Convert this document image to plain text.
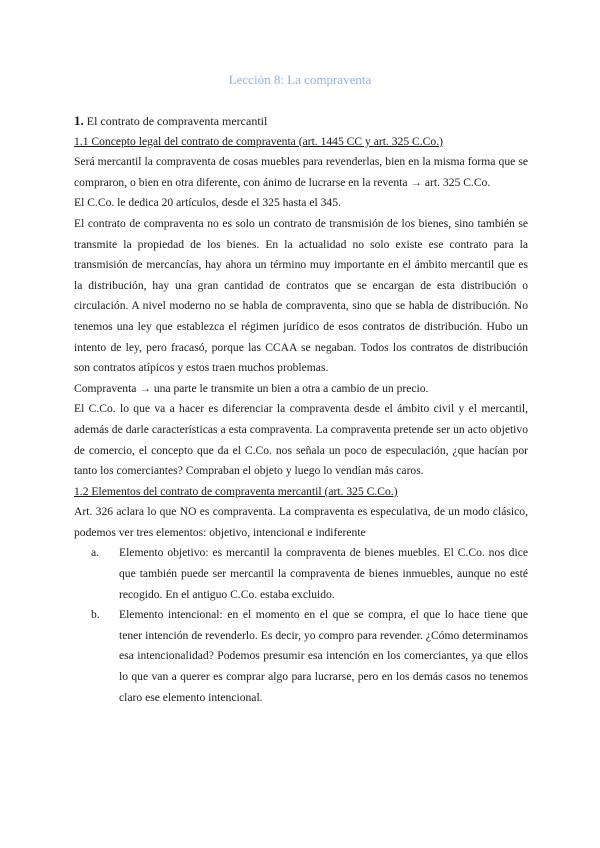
Lección 8: La compraventa

1. El contrato de compraventa mercantil

1.1 Concepto legal del contrato de compraventa (art. 1445 CC y art. 325 C.Co.)

Será mercantil la compraventa de cosas muebles para revenderlas, bien en la misma forma que se compraron, o bien en otra diferente, con ánimo de lucrarse en la reventa → art. 325 C.Co.

El C.Co. le dedica 20 artículos, desde el 325 hasta el 345.

El contrato de compraventa no es solo un contrato de transmisión de los bienes, sino también se transmite la propiedad de los bienes. En la actualidad no solo existe ese contrato para la transmisión de mercancías, hay ahora un término muy importante en el ámbito mercantil que es la distribución, hay una gran cantidad de contratos que se encargan de esta distribución o circulación. A nivel moderno no se habla de compraventa, sino que se habla de distribución. No tenemos una ley que establezca el régimen jurídico de esos contratos de distribución. Hubo un intento de ley, pero fracasó, porque las CCAA se negaban. Todos los contratos de distribución son contratos atípicos y estos traen muchos problemas.

Compraventa → una parte le transmite un bien a otra a cambio de un precio.

El C.Co. lo que va a hacer es diferenciar la compraventa desde el ámbito civil y el mercantil, además de darle características a esta compraventa. La compraventa pretende ser un acto objetivo de comercio, el concepto que da el C.Co. nos señala un poco de especulación, ¿que hacían por tanto los comerciantes? Compraban el objeto y luego lo vendían más caros.

1.2 Elementos del contrato de compraventa mercantil (art. 325 C.Co.)

Art. 326 aclara lo que NO es compraventa. La compraventa es especulativa, de un modo clásico, podemos ver tres elementos: objetivo, intencional e indiferente

a. Elemento objetivo: es mercantil la compraventa de bienes muebles. El C.Co. nos dice que también puede ser mercantil la compraventa de bienes inmuebles, aunque no esté recogido. En el antiguo C.Co. estaba excluido.
b. Elemento intencional: en el momento en el que se compra, el que lo hace tiene que tener intención de revenderlo. Es decir, yo compro para revender. ¿Cómo determinamos esa intencionalidad? Podemos presumir esa intención en los comerciantes, ya que ellos lo que van a querer es comprar algo para lucrarse, pero en los demás casos no tenemos claro ese elemento intencional.
